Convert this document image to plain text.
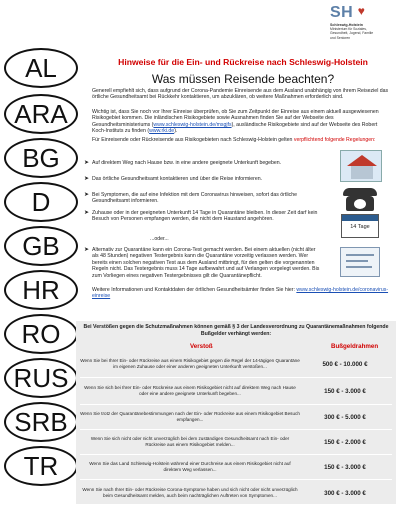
AL
ARA
BG
D
GB
HR
RO
RUS
SRB
TR
SH ♥
Schleswig-Holstein
Ministerium für Soziales,
Gesundheit, Jugend, Familie
und Senioren
Hinweise für die Ein- und Rückreise nach Schleswig-Holstein
Was müssen Reisende beachten?
Generell empfiehlt sich, dass aufgrund der Corona-Pandemie Einreisende aus dem Ausland unabhängig von ihrem Reiseziel das örtliche Gesundheitsamt bei Rückkehr kontaktieren, um abzuklären, ob weitere Maßnahmen erforderlich sind.
Wichtig ist, dass Sie noch vor Ihrer Einreise überprüfen, ob Sie zum Zeitpunkt der Einreise aus einem aktuell ausgewiesenen Risikogebiet kommen. Die inländischen Risikogebiete sowie Ausnahmen finden Sie auf der Webseite des Gesundheitsministeriums (www.schleswig-holstein.de/msgjfs), ausländische Risikogebiete sind auf der Webseite des Robert Koch-Instituts zu finden (www.rki.de).
Für Einreisende oder Rückreisende aus Risikogebieten nach Schleswig-Holstein gelten verpflichtend folgende Regelungen:
➤ Auf direktem Weg nach Hause bzw. in eine andere geeignete Unterkunft begeben.
➤ Das örtliche Gesundheitsamt kontaktieren und über die Reise informieren.
➤ Bei Symptomen, die auf eine Infektion mit dem Coronavirus hinweisen, sofort das örtliche Gesundheitsamt informieren.
➤ Zuhause oder in der geeigneten Unterkunft 14 Tage in Quarantäne bleiben. In dieser Zeit darf kein Besuch von Personen empfangen werden, die nicht dem Haustand angehören.
...oder...
➤ Alternativ zur Quarantäne kann ein Corona-Test gemacht werden. Bei einem aktuellen (nicht älter als 48 Stunden) negativen Testergebnis kann die Quarantäne vorzeitig verlassen werden. Wer bereits einen solchen negativen Test aus dem Ausland mitbringt, für den gelten die vorgenannten Regeln nicht. Das Testergebnis muss 14 Tage aufbewahrt und auf Verlangen vorgelegt werden. Bis zum Vorliegen eines negativen Testergebnisses gilt die Quarantänepflicht.
14 Tage
Weitere Informationen und Kontaktdaten der örtlichen Gesundheitsämter finden Sie hier: www.schleswig-holstein.de/coronavirus-einreise
Bei Verstößen gegen die Schutzmaßnahmen können gemäß § 3 der Landesverordnung zu Quarantänemaßnahmen folgende Bußgelder verhängt werden:
Verstoß	Bußgeldrahmen
Wenn Sie bei Ihrer Ein- oder Rückreise aus einem Risikogebiet gegen die Regel der 14-tägigen Quarantäne im eigenen Zuhause oder einer anderen geeigneten Unterkunft verstoßen...	500 € - 10.000 €
Wenn Sie sich bei Ihrer Ein- oder Rückreise aus einem Risikogebiet nicht auf direktem Weg nach Hause oder eine andere geeignete Unterkunft begeben...	150 € - 3.000 €
Wenn Sie trotz der Quarantänebestimmungen nach der Ein- oder Rückreise aus einem Risikogebiet Besuch empfangen...	300 € - 5.000 €
Wenn Sie sich nicht oder nicht unverzüglich bei dem zuständigen Gesundheitsamt nach Ein- oder Rückreise aus einem Risikogebiet melden...	150 € - 2.000 €
Wenn Sie das Land Schleswig-Holstein während einer Durchreise aus einem Risikogebiet nicht auf direktem Weg verlassen...	150 € - 3.000 €
Wenn Sie nach Ihrer Ein- oder Rückreise Corona-Symptome haben und sich nicht oder nicht unverzüglich beim Gesundheitsamt melden, auch beim nachträglichen Auftreten von Symptomen...	300 € - 3.000 €
